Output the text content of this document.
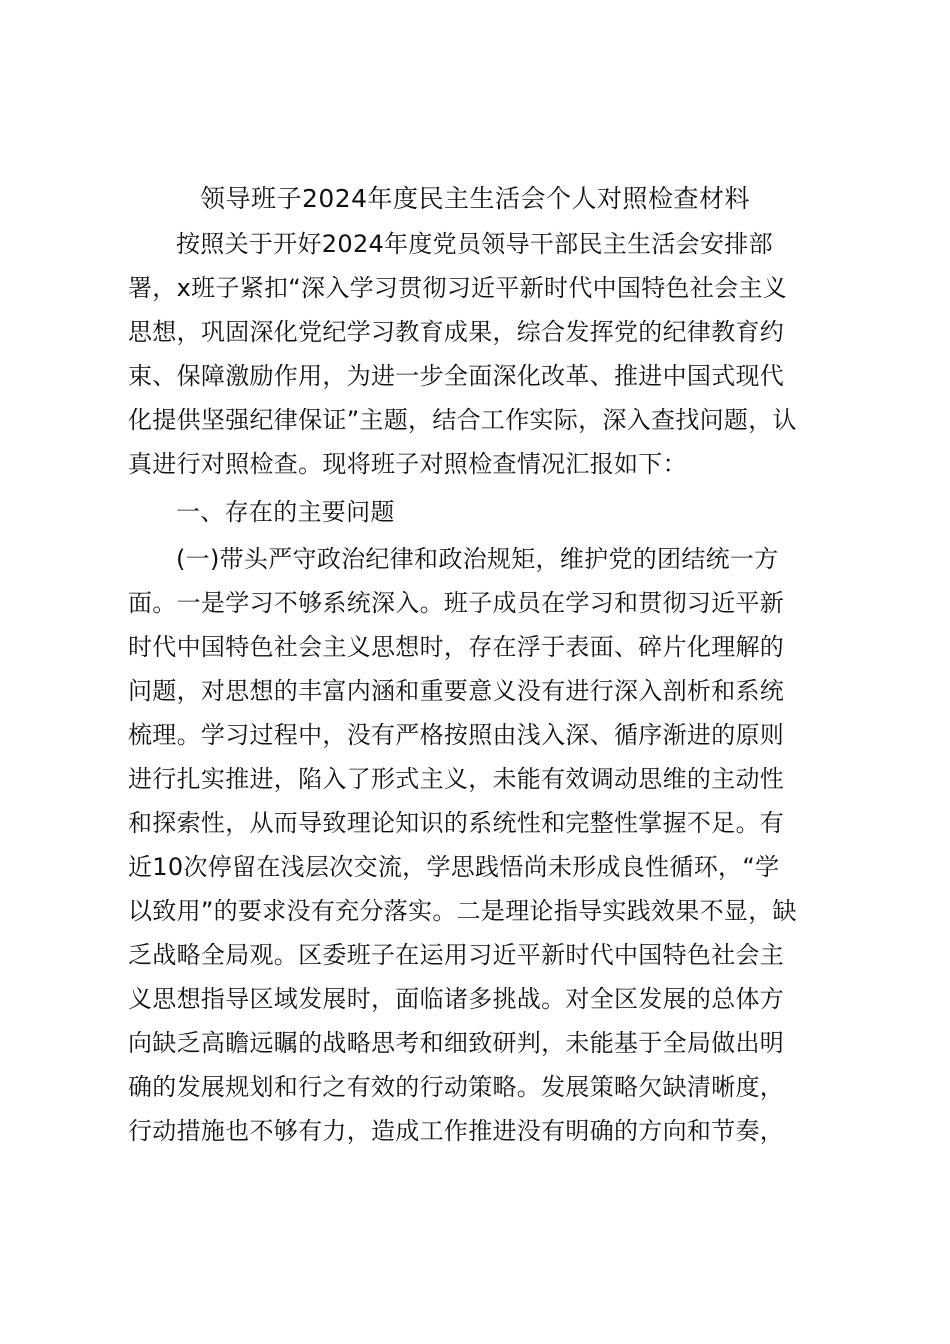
领导班子2024年度民主生活会个人对照检查材料
按照关于开好2024年度党员领导干部民主生活会安排部
署，x班子紧扣“深入学习贯彻习近平新时代中国特色社会主义
思想，巩固深化党纪学习教育成果，综合发挥党的纪律教育约
束、保障激励作用，为进一步全面深化改革、推进中国式现代
化提供坚强纪律保证”主题，结合工作实际，深入查找问题，认
真进行对照检查。现将班子对照检查情况汇报如下：
一、存在的主要问题
(一)带头严守政治纪律和政治规矩，维护党的团结统一方
面。一是学习不够系统深入。班子成员在学习和贯彻习近平新
时代中国特色社会主义思想时，存在浮于表面、碎片化理解的
问题，对思想的丰富内涵和重要意义没有进行深入剖析和系统
梳理。学习过程中，没有严格按照由浅入深、循序渐进的原则
进行扎实推进，陷入了形式主义，未能有效调动思维的主动性
和探索性，从而导致理论知识的系统性和完整性掌握不足。有
近10次停留在浅层次交流，学思践悟尚未形成良性循环，“学
以致用”的要求没有充分落实。二是理论指导实践效果不显，缺
乏战略全局观。区委班子在运用习近平新时代中国特色社会主
义思想指导区域发展时，面临诸多挑战。对全区发展的总体方
向缺乏高瞻远瞩的战略思考和细致研判，未能基于全局做出明
确的发展规划和行之有效的行动策略。发展策略欠缺清晰度，
行动措施也不够有力，造成工作推进没有明确的方向和节奏，
